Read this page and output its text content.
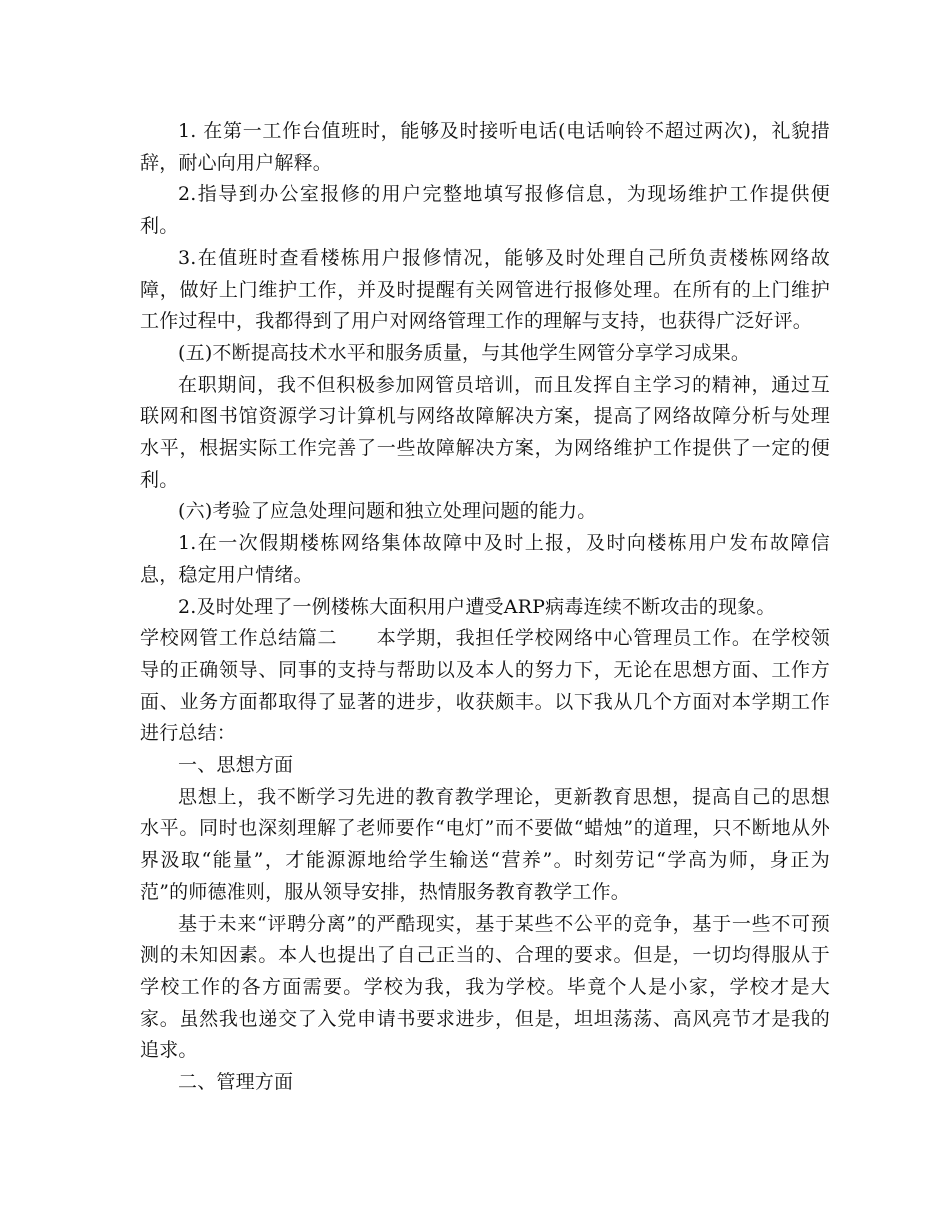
1. 在第一工作台值班时，能够及时接听电话(电话响铃不超过两次)，礼貌措辞，耐心向用户解释。

2.指导到办公室报修的用户完整地填写报修信息，为现场维护工作提供便利。

3.在值班时查看楼栋用户报修情况，能够及时处理自己所负责楼栋网络故障，做好上门维护工作，并及时提醒有关网管进行报修处理。在所有的上门维护工作过程中，我都得到了用户对网络管理工作的理解与支持，也获得广泛好评。

(五)不断提高技术水平和服务质量，与其他学生网管分享学习成果。

在职期间，我不但积极参加网管员培训，而且发挥自主学习的精神，通过互联网和图书馆资源学习计算机与网络故障解决方案，提高了网络故障分析与处理水平，根据实际工作完善了一些故障解决方案，为网络维护工作提供了一定的便利。

(六)考验了应急处理问题和独立处理问题的能力。

1.在一次假期楼栋网络集体故障中及时上报，及时向楼栋用户发布故障信息，稳定用户情绪。

2.及时处理了一例楼栋大面积用户遭受ARP病毒连续不断攻击的现象。

学校网管工作总结篇二　　本学期，我担任学校网络中心管理员工作。在学校领导的正确领导、同事的支持与帮助以及本人的努力下，无论在思想方面、工作方面、业务方面都取得了显著的进步，收获颇丰。以下我从几个方面对本学期工作进行总结：

一、思想方面

思想上，我不断学习先进的教育教学理论，更新教育思想，提高自己的思想水平。同时也深刻理解了老师要作“电灯”而不要做“蜡烛”的道理，只不断地从外界汲取“能量”，才能源源地给学生输送“营养”。时刻劳记“学高为师，身正为范”的师德准则，服从领导安排，热情服务教育教学工作。

基于未来“评聘分离”的严酷现实，基于某些不公平的竞争，基于一些不可预测的未知因素。本人也提出了自己正当的、合理的要求。但是，一切均得服从于学校工作的各方面需要。学校为我，我为学校。毕竟个人是小家，学校才是大家。虽然我也递交了入党申请书要求进步，但是，坦坦荡荡、高风亮节才是我的追求。

二、管理方面
